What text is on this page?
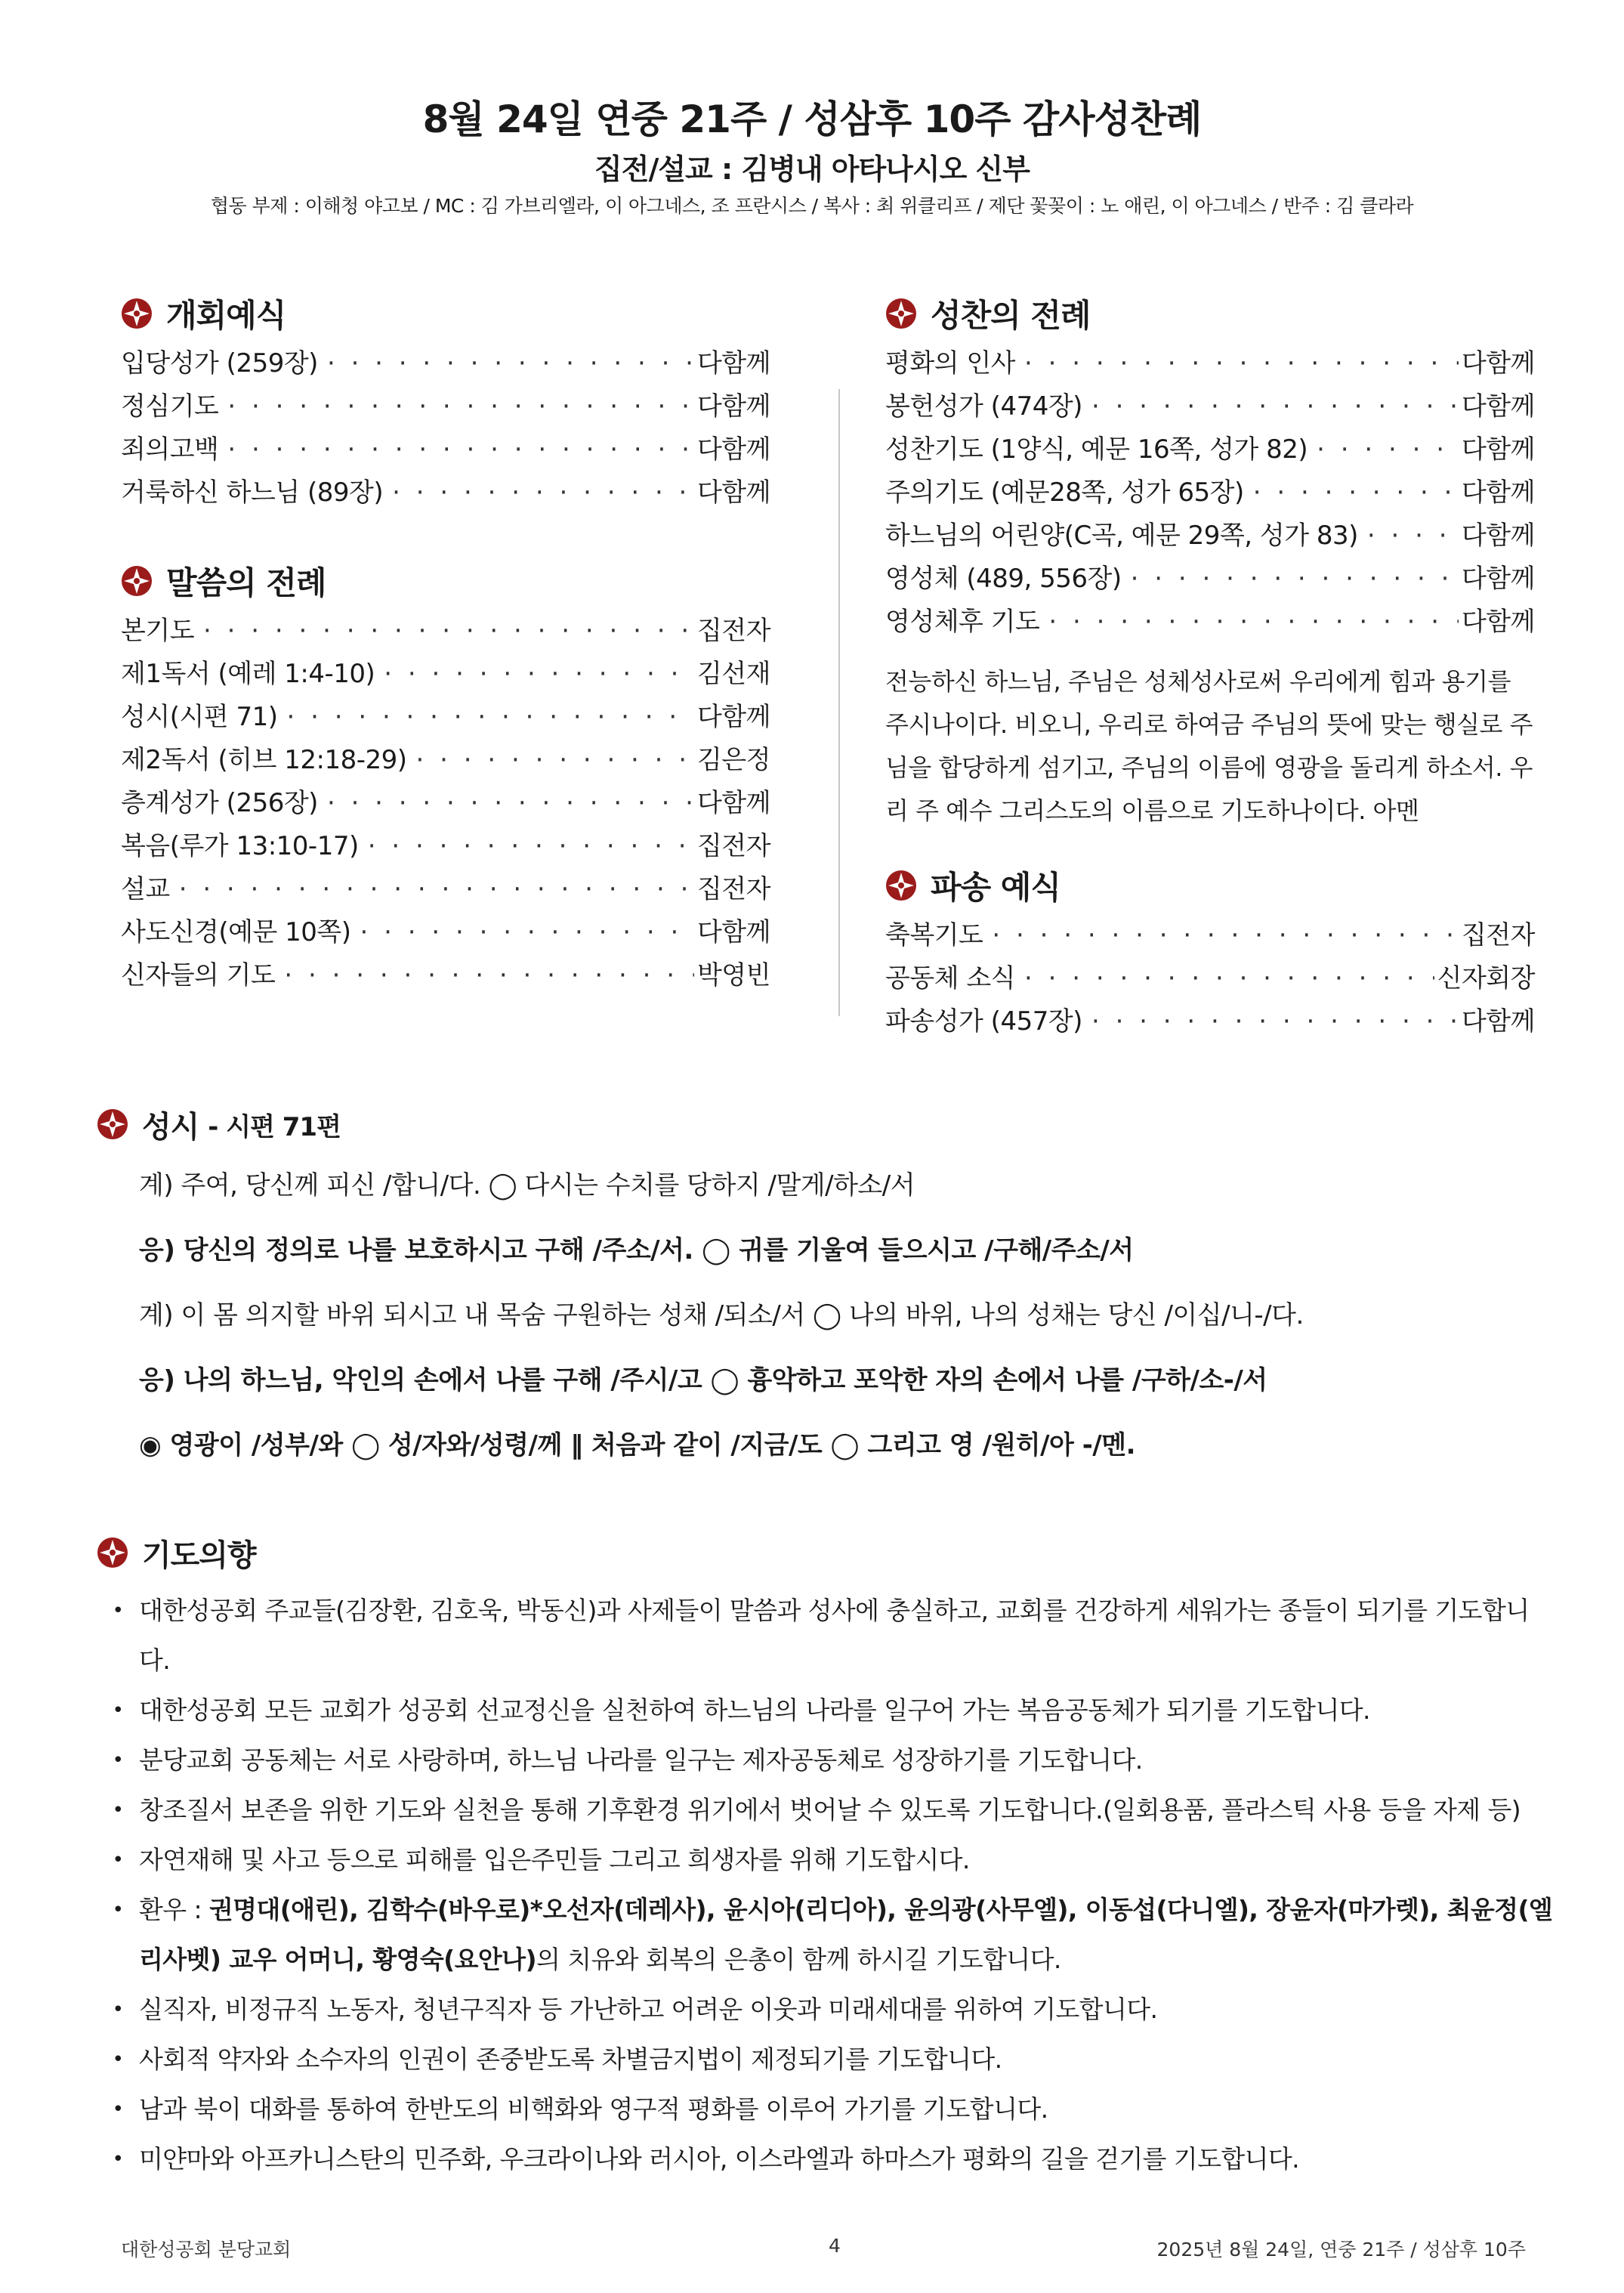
8월 24일 연중 21주 / 성삼후 10주 감사성찬례
집전/설교 : 김병내 아타나시오 신부
협동 부제 : 이해청 야고보 / MC : 김 가브리엘라, 이 아그네스, 조 프란시스 / 복사 : 최 위클리프 / 제단 꽃꽂이 : 노 애린, 이 아그네스 / 반주 : 김 클라라
개회예식
입당성가 (259장) · · ·	다함께
정심기도 · · ·	다함께
죄의고백 · · ·	다함께
거룩하신 하느님 (89장) · · ·	다함께
말씀의 전례
본기도 · · ·	집전자
제1독서 (예레 1:4-10) · · ·	김선재
성시(시편 71) · · ·	다함께
제2독서 (히브 12:18-29) · · ·	김은정
층계성가 (256장) · · ·	다함께
복음(루가 13:10-17) · · ·	집전자
설교 · · ·	집전자
사도신경(예문 10쪽) · · ·	다함께
신자들의 기도 · · ·	박영빈
성찬의 전례
평화의 인사 · · ·	다함께
봉헌성가 (474장) · · ·	다함께
성찬기도 (1양식, 예문 16쪽, 성가 82) · · ·	다함께
주의기도 (예문28쪽, 성가 65장) · · ·	다함께
하느님의 어린양(C곡, 예문 29쪽, 성가 83) · · ·	다함께
영성체 (489, 556장) · · ·	다함께
영성체후 기도 · · ·	다함께
전능하신 하느님, 주님은 성체성사로써 우리에게 힘과 용기를 주시나이다. 비오니, 우리로 하여금 주님의 뜻에 맞는 행실로 주님을 합당하게 섬기고, 주님의 이름에 영광을 돌리게 하소서. 우리 주 예수 그리스도의 이름으로 기도하나이다. 아멘
파송 예식
축복기도 · · ·	집전자
공동체 소식 · · ·	신자회장
파송성가 (457장) · · ·	다함께
성시 - 시편 71편
계) 주여, 당신께 피신 /합니/다. ◯ 다시는 수치를 당하지 /말게/하소/서
응) 당신의 정의로 나를 보호하시고 구해 /주소/서. ◯ 귀를 기울여 들으시고 /구해/주소/서
계) 이 몸 의지할 바위 되시고 내 목숨 구원하는 성채 /되소/서 ◯ 나의 바위, 나의 성채는 당신 /이십/니-/다.
응) 나의 하느님, 악인의 손에서 나를 구해 /주시/고 ◯ 흉악하고 포악한 자의 손에서 나를 /구하/소-/서
◉ 영광이 /성부/와 ◯ 성/자와/성령/께 ‖ 처음과 같이 /지금/도 ◯ 그리고 영 /원히/아 -/멘.
기도의향
• 대한성공회 주교들(김장환, 김호욱, 박동신)과 사제들이 말씀과 성사에 충실하고, 교회를 건강하게 세워가는 종들이 되기를 기도합니다.
• 대한성공회 모든 교회가 성공회 선교정신을 실천하여 하느님의 나라를 일구어 가는 복음공동체가 되기를 기도합니다.
• 분당교회 공동체는 서로 사랑하며, 하느님 나라를 일구는 제자공동체로 성장하기를 기도합니다.
• 창조질서 보존을 위한 기도와 실천을 통해 기후환경 위기에서 벗어날 수 있도록 기도합니다.(일회용품, 플라스틱 사용 등을 자제 등)
• 자연재해 및 사고 등으로 피해를 입은주민들 그리고 희생자를 위해 기도합시다.
• 환우 : 권명대(애린), 김학수(바우로)*오선자(데레사), 윤시아(리디아), 윤의광(사무엘), 이동섭(다니엘), 장윤자(마가렛), 최윤정(엘리사벳) 교우 어머니, 황영숙(요안나)의 치유와 회복의 은총이 함께 하시길 기도합니다.
• 실직자, 비정규직 노동자, 청년구직자 등 가난하고 어려운 이웃과 미래세대를 위하여 기도합니다.
• 사회적 약자와 소수자의 인권이 존중받도록 차별금지법이 제정되기를 기도합니다.
• 남과 북이 대화를 통하여 한반도의 비핵화와 영구적 평화를 이루어 가기를 기도합니다.
• 미얀마와 아프카니스탄의 민주화, 우크라이나와 러시아, 이스라엘과 하마스가 평화의 길을 걷기를 기도합니다.
대한성공회 분당교회	4	2025년 8월 24일, 연중 21주 / 성삼후 10주
